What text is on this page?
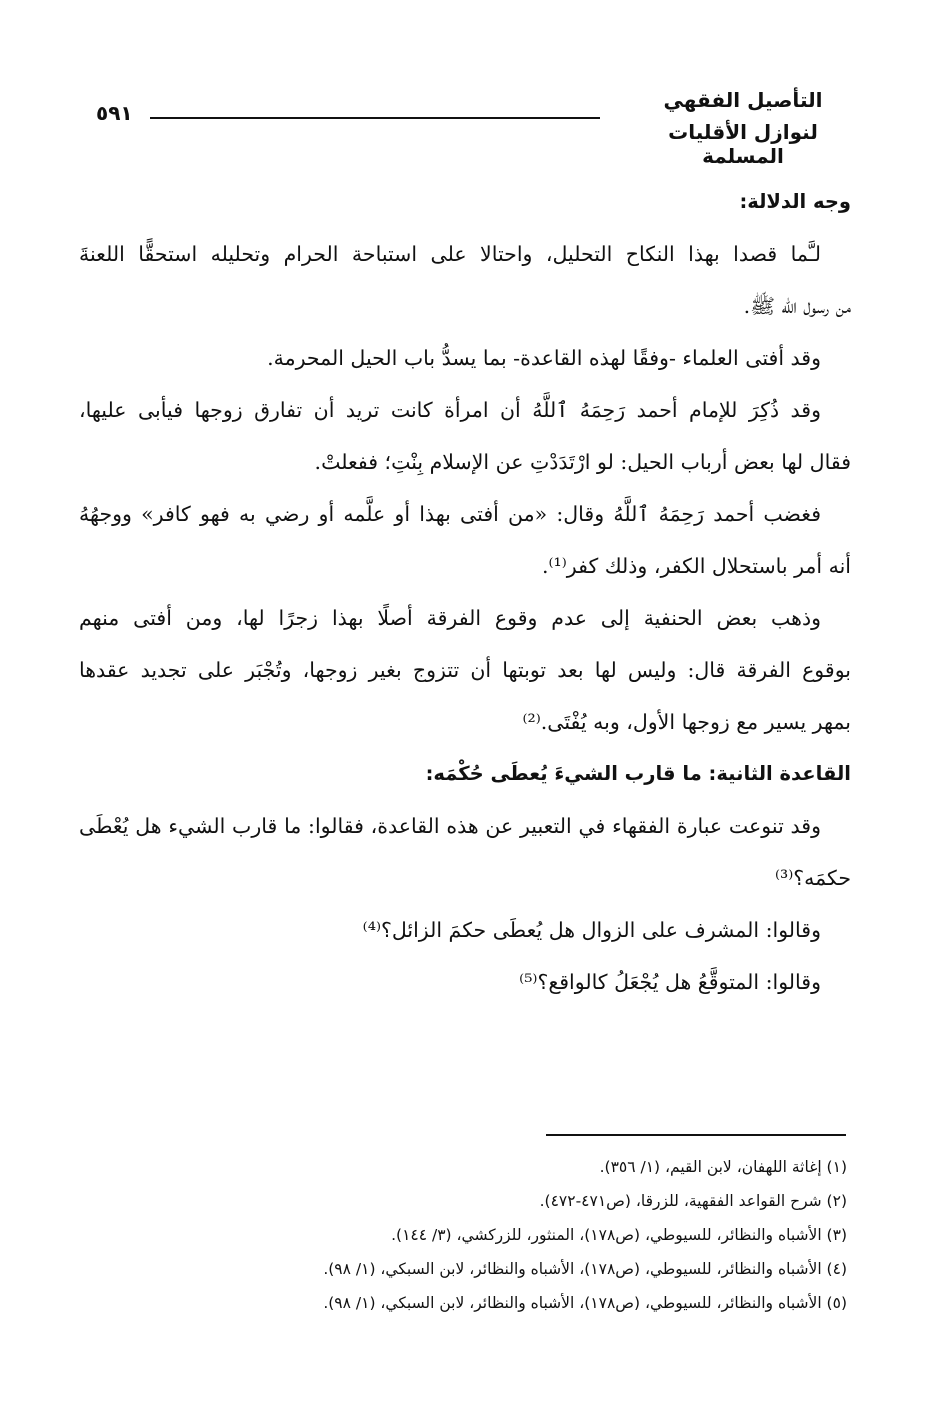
التأصيل الفقهي
لنوازل الأقليات المسلمة
٥٩١
وجه الدلالة:
لـَّما قصدا بهذا النكاح التحليل، واحتالا على استباحة الحرام وتحليله استحقًّا اللعنةَ
من رسول الله ﷺ.
وقد أفتى العلماء -وفقًا لهذه القاعدة- بما يسدُّ باب الحيل المحرمة.
وقد ذُكِرَ للإمام أحمد رَحِمَهُ ٱللَّهُ أن امرأة كانت تريد أن تفارق زوجها فيأبى عليها،
فقال لها بعض أرباب الحيل: لو ارْتَدَدْتِ عن الإسلام بِنْتِ؛ ففعلتْ.
فغضب أحمد رَحِمَهُ ٱللَّهُ وقال: «من أفتى بهذا أو علَّمه أو رضي به فهو كافر» ووجهُهُ
أنه أمر باستحلال الكفر، وذلك كفر⁽¹⁾.
وذهب بعض الحنفية إلى عدم وقوع الفرقة أصلًا بهذا زجرًا لها، ومن أفتى منهم
بوقوع الفرقة قال: وليس لها بعد توبتها أن تتزوج بغير زوجها، وتُجْبَر على تجديد عقدها
بمهر يسير مع زوجها الأول، وبه يُفْتَى.⁽²⁾
القاعدة الثانية: ما قارب الشيءَ يُعطَى حُكْمَه:
وقد تنوعت عبارة الفقهاء في التعبير عن هذه القاعدة، فقالوا: ما قارب الشيء هل يُعْطَى
حكمَه؟⁽³⁾
وقالوا: المشرف على الزوال هل يُعطَى حكمَ الزائل؟⁽⁴⁾
وقالوا: المتوقَّعُ هل يُجْعَلُ كالواقع؟⁽⁵⁾
(١) إغاثة اللهفان، لابن القيم، (١/ ٣٥٦).
(٢) شرح القواعد الفقهية، للزرقا، (ص٤٧١-٤٧٢).
(٣) الأشباه والنظائر، للسيوطي، (ص١٧٨)، المنثور، للزركشي، (٣/ ١٤٤).
(٤) الأشباه والنظائر، للسيوطي، (ص١٧٨)، الأشباه والنظائر، لابن السبكي، (١/ ٩٨).
(٥) الأشباه والنظائر، للسيوطي، (ص١٧٨)، الأشباه والنظائر، لابن السبكي، (١/ ٩٨).
